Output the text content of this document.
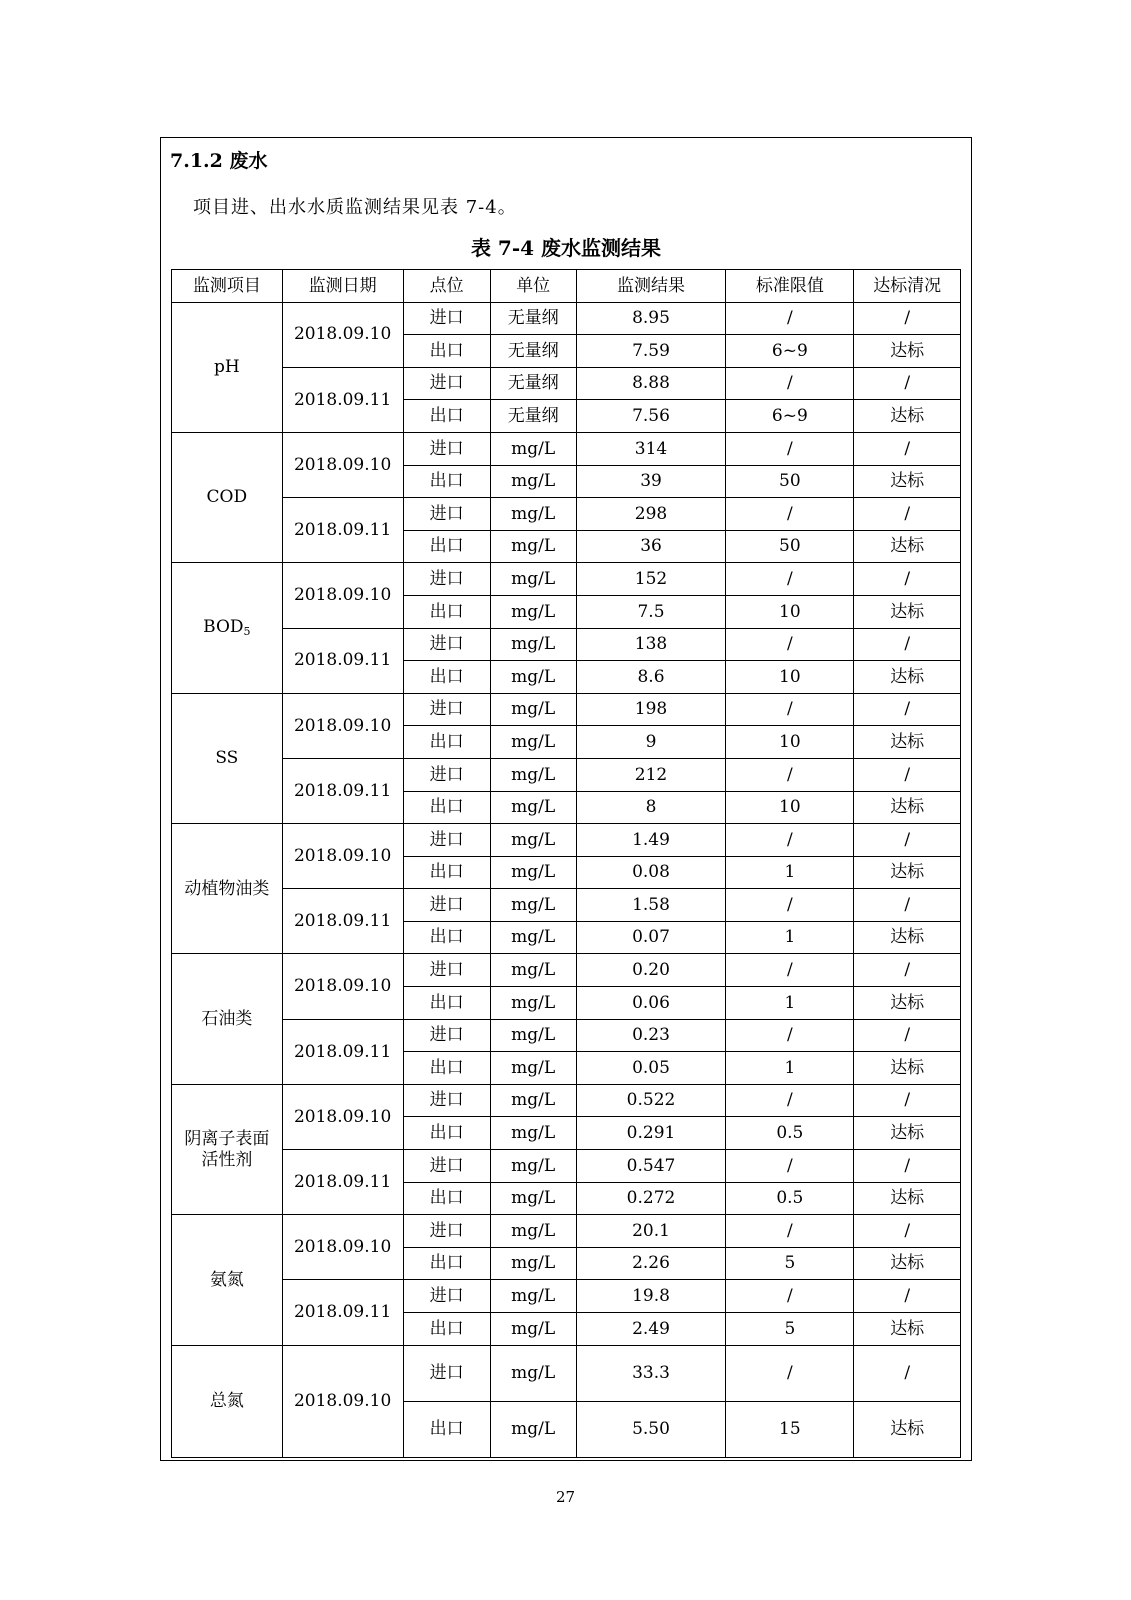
7.1.2 废水
项目进、出水水质监测结果见表 7-4。
表 7-4 废水监测结果
监测项目	监测日期	点位	单位	监测结果	标准限值	达标清况
pH	2018.09.10	进口	无量纲	8.95	/	/
		出口	无量纲	7.59	6~9	达标
	2018.09.11	进口	无量纲	8.88	/	/
		出口	无量纲	7.56	6~9	达标
COD	2018.09.10	进口	mg/L	314	/	/
		出口	mg/L	39	50	达标
	2018.09.11	进口	mg/L	298	/	/
		出口	mg/L	36	50	达标
$BOD_5$	2018.09.10	进口	mg/L	152	/	/
		出口	mg/L	7.5	10	达标
	2018.09.11	进口	mg/L	138	/	/
		出口	mg/L	8.6	10	达标
SS	2018.09.10	进口	mg/L	198	/	/
		出口	mg/L	9	10	达标
	2018.09.11	进口	mg/L	212	/	/
		出口	mg/L	8	10	达标
动植物油类	2018.09.10	进口	mg/L	1.49	/	/
		出口	mg/L	0.08	1	达标
	2018.09.11	进口	mg/L	1.58	/	/
		出口	mg/L	0.07	1	达标
石油类	2018.09.10	进口	mg/L	0.20	/	/
		出口	mg/L	0.06	1	达标
	2018.09.11	进口	mg/L	0.23	/	/
		出口	mg/L	0.05	1	达标
阴离子表面活性剂	2018.09.10	进口	mg/L	0.522	/	/
		出口	mg/L	0.291	0.5	达标
	2018.09.11	进口	mg/L	0.547	/	/
		出口	mg/L	0.272	0.5	达标
氨氮	2018.09.10	进口	mg/L	20.1	/	/
		出口	mg/L	2.26	5	达标
	2018.09.11	进口	mg/L	19.8	/	/
		出口	mg/L	2.49	5	达标
总氮	2018.09.10	进口	mg/L	33.3	/	/
		出口	mg/L	5.50	15	达标
27
